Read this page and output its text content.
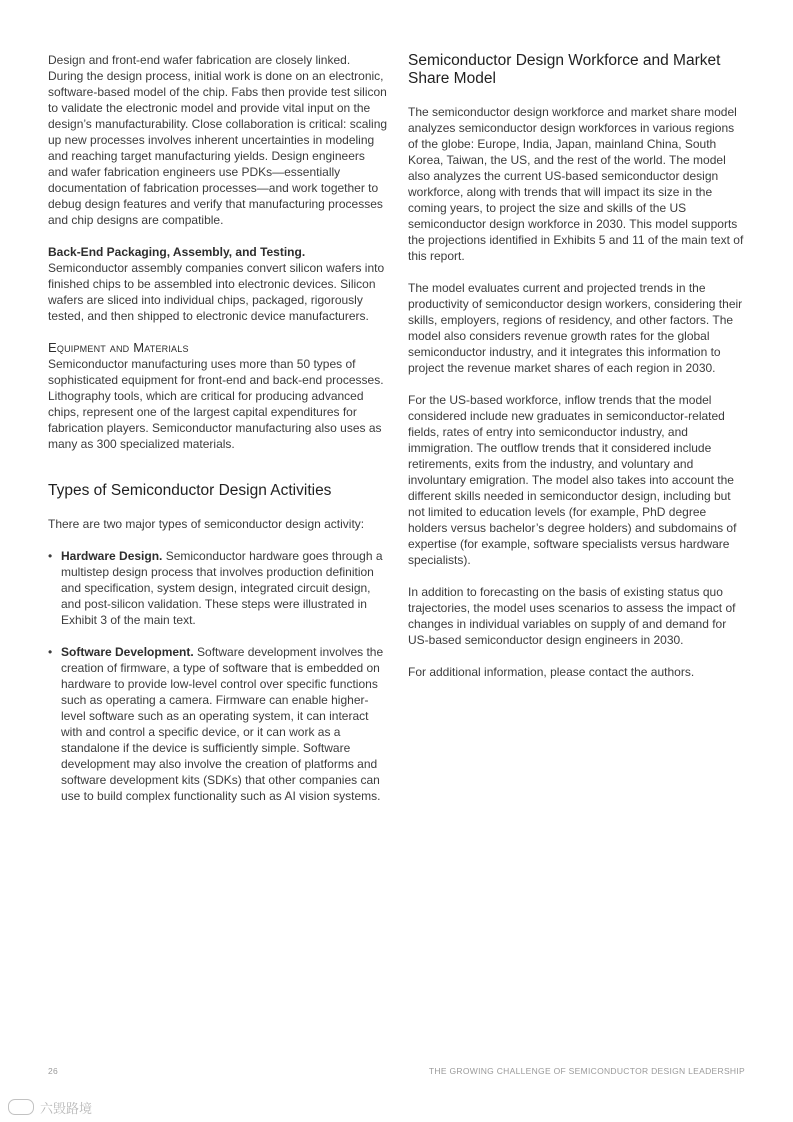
Design and front-end wafer fabrication are closely linked. During the design process, initial work is done on an electronic, software-based model of the chip. Fabs then provide test silicon to validate the electronic model and provide vital input on the design’s manufacturability. Close collaboration is critical: scaling up new processes involves inherent uncertainties in modeling and reaching target manufacturing yields. Design engineers and wafer fabrication engineers use PDKs—essentially documentation of fabrication processes—and work together to debug design features and verify that manufacturing processes and chip designs are compatible.

Back-End Packaging, Assembly, and Testing. Semiconductor assembly companies convert silicon wafers into finished chips to be assembled into electronic devices. Silicon wafers are sliced into individual chips, packaged, rigorously tested, and then shipped to electronic device manufacturers.

Equipment and Materials

Semiconductor manufacturing uses more than 50 types of sophisticated equipment for front-end and back-end processes. Lithography tools, which are critical for producing advanced chips, represent one of the largest capital expenditures for fabrication players. Semiconductor manufacturing also uses as many as 300 specialized materials.

Types of Semiconductor Design Activities

There are two major types of semiconductor design activity:

• Hardware Design. Semiconductor hardware goes through a multistep design process that involves production definition and specification, system design, integrated circuit design, and post-silicon validation. These steps were illustrated in Exhibit 3 of the main text.
• Software Development. Software development involves the creation of firmware, a type of software that is embedded on hardware to provide low-level control over specific functions such as operating a camera. Firmware can enable higher-level software such as an operating system, it can interact with and control a specific device, or it can work as a standalone if the device is sufficiently simple. Software development may also involve the creation of platforms and software development kits (SDKs) that other companies can use to build complex functionality such as AI vision systems.
Semiconductor Design Workforce and Market Share Model

The semiconductor design workforce and market share model analyzes semiconductor design workforces in various regions of the globe: Europe, India, Japan, mainland China, South Korea, Taiwan, the US, and the rest of the world. The model also analyzes the current US-based semiconductor design workforce, along with trends that will impact its size in the coming years, to project the size and skills of the US semiconductor design workforce in 2030. This model supports the projections identified in Exhibits 5 and 11 of the main text of this report.

The model evaluates current and projected trends in the productivity of semiconductor design workers, considering their skills, employers, regions of residency, and other factors. The model also considers revenue growth rates for the global semiconductor industry, and it integrates this information to project the revenue market shares of each region in 2030.

For the US-based workforce, inflow trends that the model considered include new graduates in semiconductor-related fields, rates of entry into semiconductor industry, and immigration. The outflow trends that it considered include retirements, exits from the industry, and voluntary and involuntary emigration. The model also takes into account the different skills needed in semiconductor design, including but not limited to education levels (for example, PhD degree holders versus bachelor’s degree holders) and subdomains of expertise (for example, software specialists versus hardware specialists).

In addition to forecasting on the basis of existing status quo trajectories, the model uses scenarios to assess the impact of changes in individual variables on supply of and demand for US-based semiconductor design engineers in 2030.

For additional information, please contact the authors.

26	THE GROWING CHALLENGE OF SEMICONDUCTOR DESIGN LEADERSHIP
六毁路境
